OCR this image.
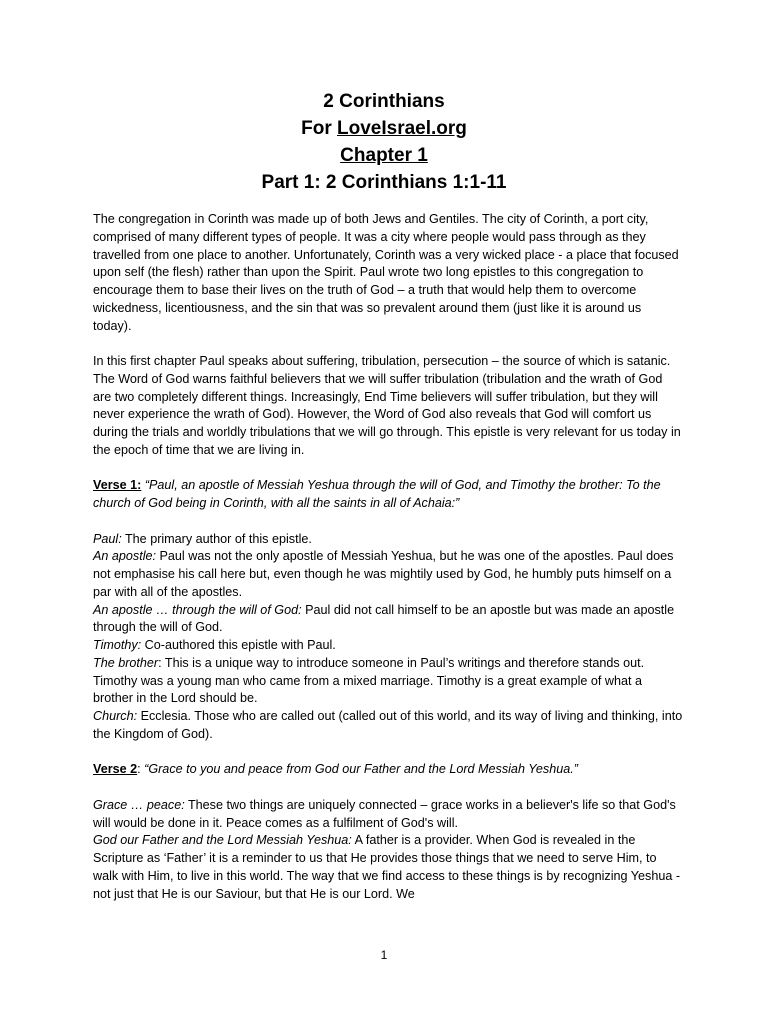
2 Corinthians
For LoveIsrael.org
Chapter 1
Part 1: 2 Corinthians 1:1-11

The congregation in Corinth was made up of both Jews and Gentiles. The city of Corinth, a port city, comprised of many different types of people. It was a city where people would pass through as they travelled from one place to another. Unfortunately, Corinth was a very wicked place - a place that focused upon self (the flesh) rather than upon the Spirit. Paul wrote two long epistles to this congregation to encourage them to base their lives on the truth of God – a truth that would help them to overcome wickedness, licentiousness, and the sin that was so prevalent around them (just like it is around us today).

In this first chapter Paul speaks about suffering, tribulation, persecution – the source of which is satanic. The Word of God warns faithful believers that we will suffer tribulation (tribulation and the wrath of God are two completely different things. Increasingly, End Time believers will suffer tribulation, but they will never experience the wrath of God). However, the Word of God also reveals that God will comfort us during the trials and worldly tribulations that we will go through. This epistle is very relevant for us today in the epoch of time that we are living in.

Verse 1: “Paul, an apostle of Messiah Yeshua through the will of God, and Timothy the brother: To the church of God being in Corinth, with all the saints in all of Achaia:”

Paul: The primary author of this epistle.

An apostle: Paul was not the only apostle of Messiah Yeshua, but he was one of the apostles. Paul does not emphasise his call here but, even though he was mightily used by God, he humbly puts himself on a par with all of the apostles.

An apostle … through the will of God: Paul did not call himself to be an apostle but was made an apostle through the will of God.

Timothy: Co-authored this epistle with Paul.

The brother: This is a unique way to introduce someone in Paul’s writings and therefore stands out. Timothy was a young man who came from a mixed marriage. Timothy is a great example of what a brother in the Lord should be.

Church: Ecclesia. Those who are called out (called out of this world, and its way of living and thinking, into the Kingdom of God).

Verse 2: “Grace to you and peace from God our Father and the Lord Messiah Yeshua.”

Grace … peace: These two things are uniquely connected – grace works in a believer's life so that God's will would be done in it. Peace comes as a fulfilment of God's will.

God our Father and the Lord Messiah Yeshua: A father is a provider. When God is revealed in the Scripture as ‘Father’ it is a reminder to us that He provides those things that we need to serve Him, to walk with Him, to live in this world. The way that we find access to these things is by recognizing Yeshua - not just that He is our Saviour, but that He is our Lord. We

1
